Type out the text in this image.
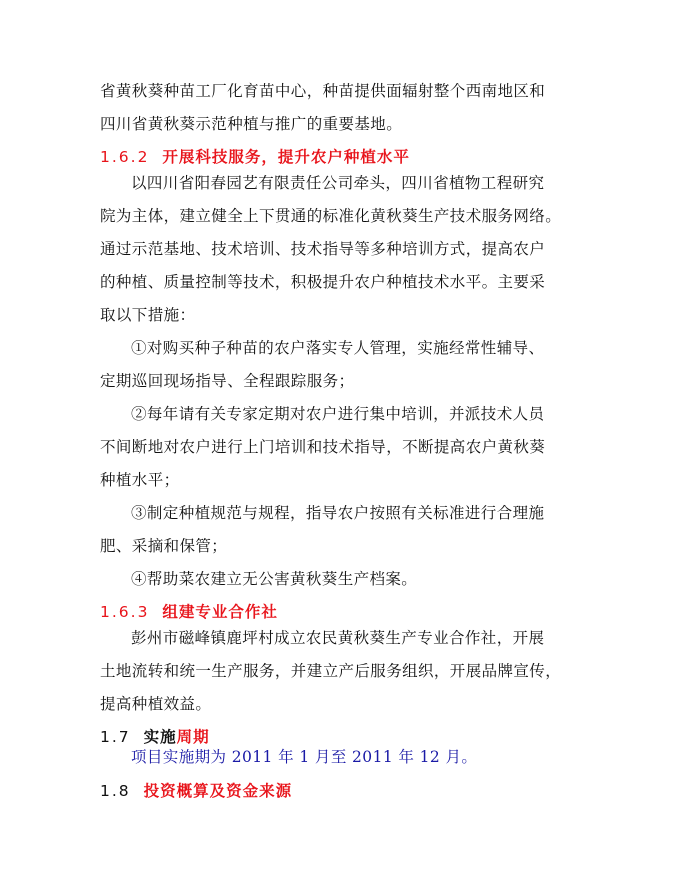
省黄秋葵种苗工厂化育苗中心，种苗提供面辐射整个西南地区和
四川省黄秋葵示范种植与推广的重要基地。
1.6.2 开展科技服务，提升农户种植水平
以四川省阳春园艺有限责任公司牵头，四川省植物工程研究
院为主体，建立健全上下贯通的标准化黄秋葵生产技术服务网络。
通过示范基地、技术培训、技术指导等多种培训方式，提高农户
的种植、质量控制等技术，积极提升农户种植技术水平。主要采
取以下措施：
①对购买种子种苗的农户落实专人管理，实施经常性辅导、
定期巡回现场指导、全程跟踪服务；
②每年请有关专家定期对农户进行集中培训，并派技术人员
不间断地对农户进行上门培训和技术指导，不断提高农户黄秋葵
种植水平；
③制定种植规范与规程，指导农户按照有关标准进行合理施
肥、采摘和保管；
④帮助菜农建立无公害黄秋葵生产档案。
1.6.3 组建专业合作社
彭州市磁峰镇鹿坪村成立农民黄秋葵生产专业合作社，开展
土地流转和统一生产服务，并建立产后服务组织，开展品牌宣传，
提高种植效益。
1.7 实施周期
项目实施期为 2011 年 1 月至 2011 年 12 月。
1.8 投资概算及资金来源
